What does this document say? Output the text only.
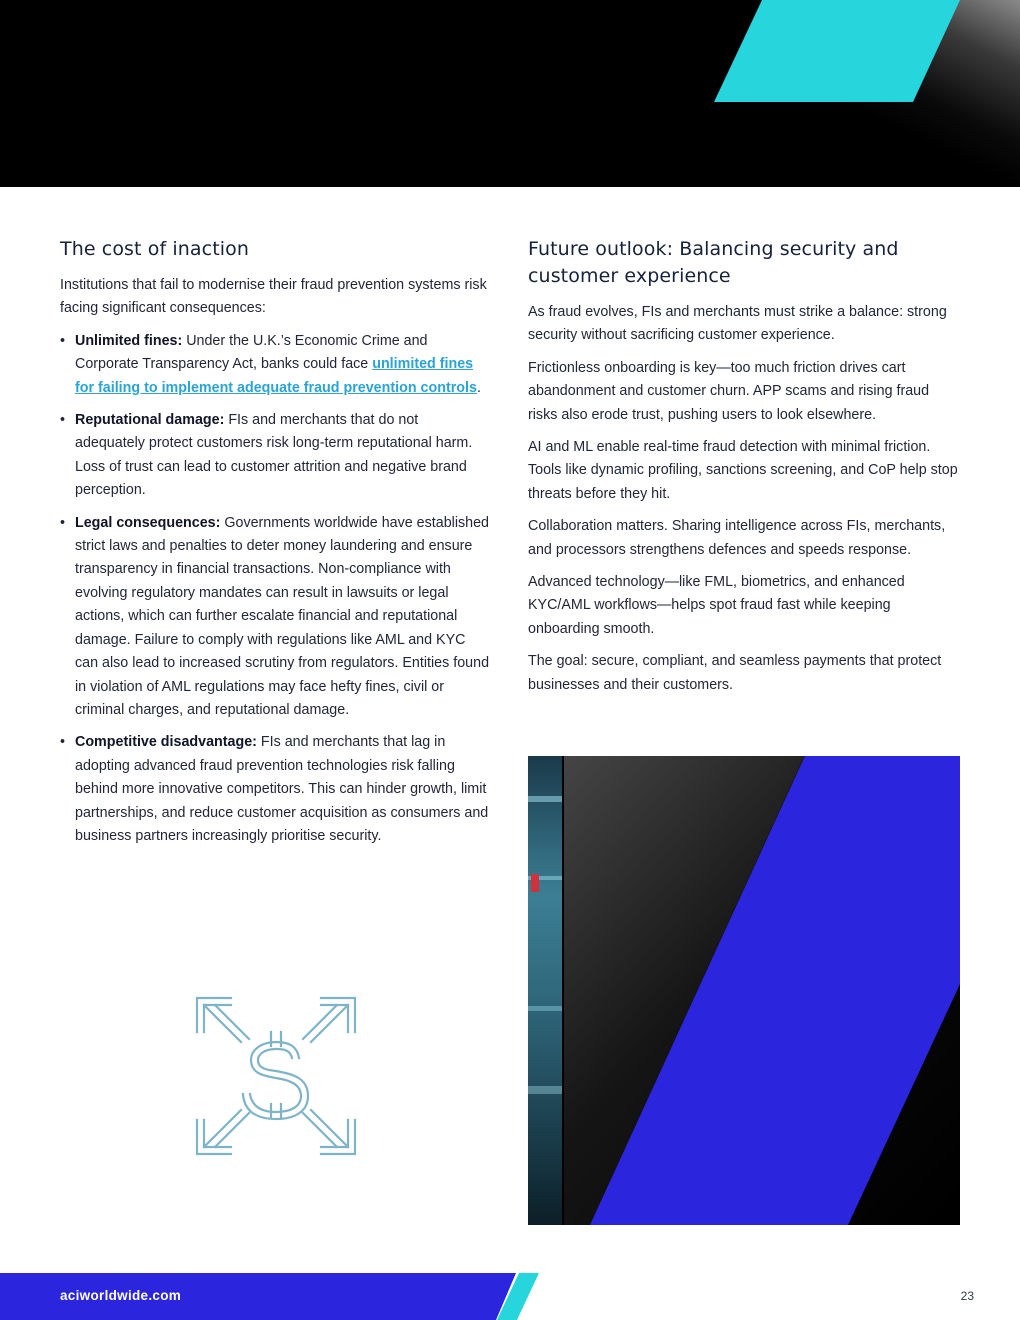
The cost of inaction

Institutions that fail to modernise their fraud prevention systems risk facing significant consequences:

• Unlimited fines: Under the U.K.’s Economic Crime and Corporate Transparency Act, banks could face unlimited fines for failing to implement adequate fraud prevention controls.
• Reputational damage: FIs and merchants that do not adequately protect customers risk long-term reputational harm. Loss of trust can lead to customer attrition and negative brand perception.
• Legal consequences: Governments worldwide have established strict laws and penalties to deter money laundering and ensure transparency in financial transactions. Non-compliance with evolving regulatory mandates can result in lawsuits or legal actions, which can further escalate financial and reputational damage. Failure to comply with regulations like AML and KYC can also lead to increased scrutiny from regulators. Entities found in violation of AML regulations may face hefty fines, civil or criminal charges, and reputational damage.
• Competitive disadvantage: FIs and merchants that lag in adopting advanced fraud prevention technologies risk falling behind more innovative competitors. This can hinder growth, limit partnerships, and reduce customer acquisition as consumers and business partners increasingly prioritise security.
Future outlook: Balancing security and customer experience

As fraud evolves, FIs and merchants must strike a balance: strong security without sacrificing customer experience.

Frictionless onboarding is key—too much friction drives cart abandonment and customer churn. APP scams and rising fraud risks also erode trust, pushing users to look elsewhere.

AI and ML enable real-time fraud detection with minimal friction. Tools like dynamic profiling, sanctions screening, and CoP help stop threats before they hit.

Collaboration matters. Sharing intelligence across FIs, merchants, and processors strengthens defences and speeds response.

Advanced technology—like FML, biometrics, and enhanced KYC/AML workflows—helps spot fraud fast while keeping onboarding smooth.

The goal: secure, compliant, and seamless payments that protect businesses and their customers.

aciworldwide.com	23
